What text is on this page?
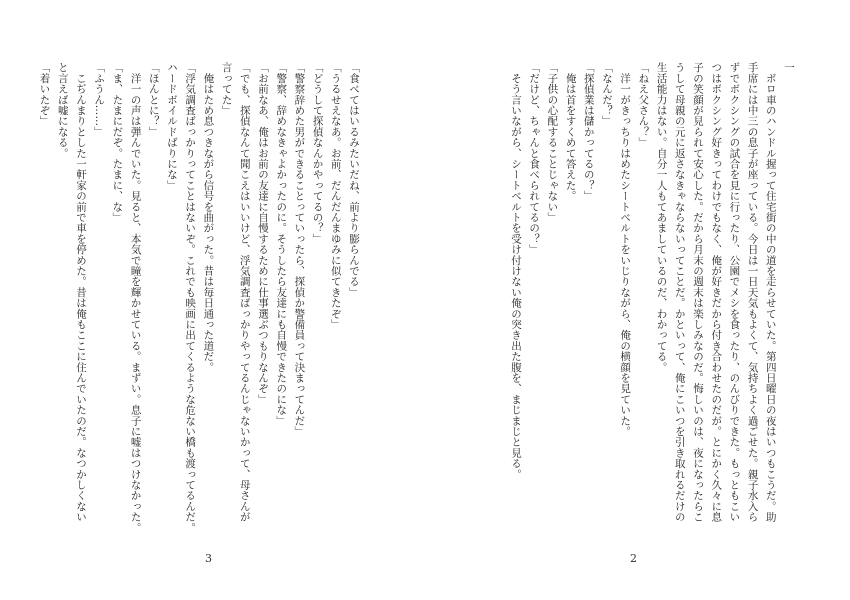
「食べてはいるみたいだね、前より膨らんでる」
「うるせえなあ。お前、だんだんまゆみに似てきたぞ」
「どうして探偵なんかやってるの？」
「警察辞めた男ができることっていったら、探偵か警備員って決まってんだ」
「警察、辞めなきゃよかったのに。そうしたら友達にも自慢できたのにな」
「お前なあ、俺はお前の友達に自慢するために仕事選ぶつもりなんぞ」
「でも、探偵なんて聞こえはいいけど、浮気調査ばっかりやってるんじゃないかって、母さんが
言ってた」
　俺はため息つきながら信号を曲がった。昔は毎日通った道だ。
「浮気調査ばっかりってことはないぞ。これでも映画に出てくるような危ない橋も渡ってるんだ。
ハードボイルドばりにな」
「ほんとに？」
　洋一の声は弾んでいた。見ると、本気で瞳を輝かせている。まずい。息子に嘘はつけなかった。
「ま、たまにだぞ。たまに、な」
「ふうん……」
　こぢんまりとした一軒家の前で車を停めた。昔は俺もここに住んでいたのだ。なつかしくない
と言えば嘘になる。
「着いたぞ」
3
一
　ボロ車のハンドル握って住宅街の中の道を走らせていた。第四日曜日の夜はいつもこうだ。助
手席には中三の息子が座っている。今日は一日天気もよくて、気持ちよく過ごせた。親子水入ら
ずでボクシングの試合を見に行ったり、公園でメシを食ったり、のんびりできた。もっともこい
つはボクシング好きってわけでもなく、俺が好きだから付き合わせたのだが。とにかく久々に息
子の笑顔が見られて安心した。だから月末の週末は楽しみなのだ。悔しいのは、夜になったらこ
うして母親の元に返さなきゃならないってことだ。かといって、俺にこいつを引き取れるだけの
生活能力はない。自分一人もてあましているのだ、わかってる。
「ねえ父さん？」
　洋一がきっちりはめたシートベルトをいじりながら、俺の横顔を見ていた。
「なんだ？」
「探偵業は儲かってるの？」
　俺は首をすくめて答えた。
「子供の心配することじゃない」
「だけど、ちゃんと食べられてるの？」
　そう言いながら、シートベルトを受け付けない俺の突き出た腹を、まじまじと見る。
2
